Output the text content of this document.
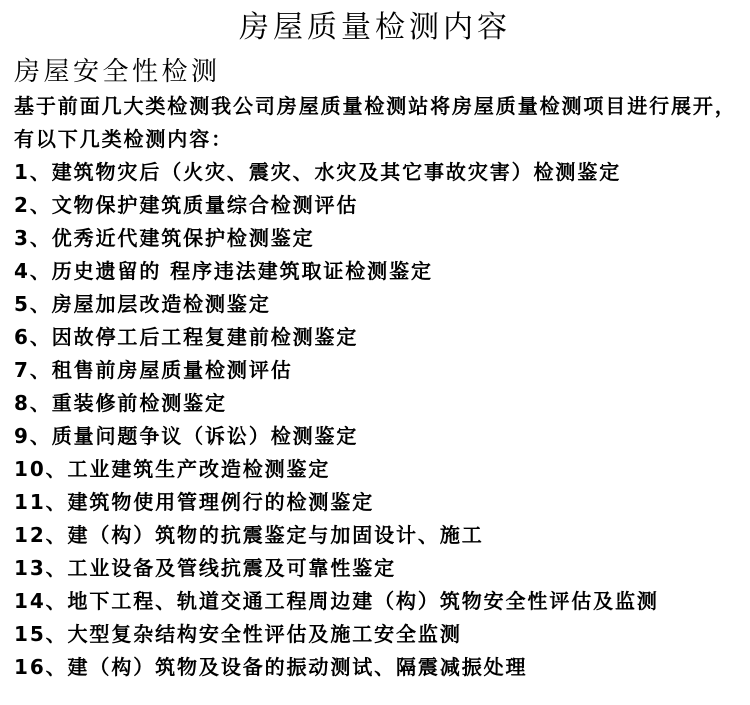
房屋质量检测内容
房屋安全性检测
基于前面几大类检测我公司房屋质量检测站将房屋质量检测项目进行展开，
有以下几类检测内容：
1、建筑物灾后（火灾、震灾、水灾及其它事故灾害）检测鉴定
2、文物保护建筑质量综合检测评估
3、优秀近代建筑保护检测鉴定
4、历史遗留的 程序违法建筑取证检测鉴定
5、房屋加层改造检测鉴定
6、因故停工后工程复建前检测鉴定
7、租售前房屋质量检测评估
8、重装修前检测鉴定
9、质量问题争议（诉讼）检测鉴定
10、工业建筑生产改造检测鉴定
11、建筑物使用管理例行的检测鉴定
12、建（构）筑物的抗震鉴定与加固设计、施工
13、工业设备及管线抗震及可靠性鉴定
14、地下工程、轨道交通工程周边建（构）筑物安全性评估及监测
15、大型复杂结构安全性评估及施工安全监测
16、建（构）筑物及设备的振动测试、隔震减振处理
